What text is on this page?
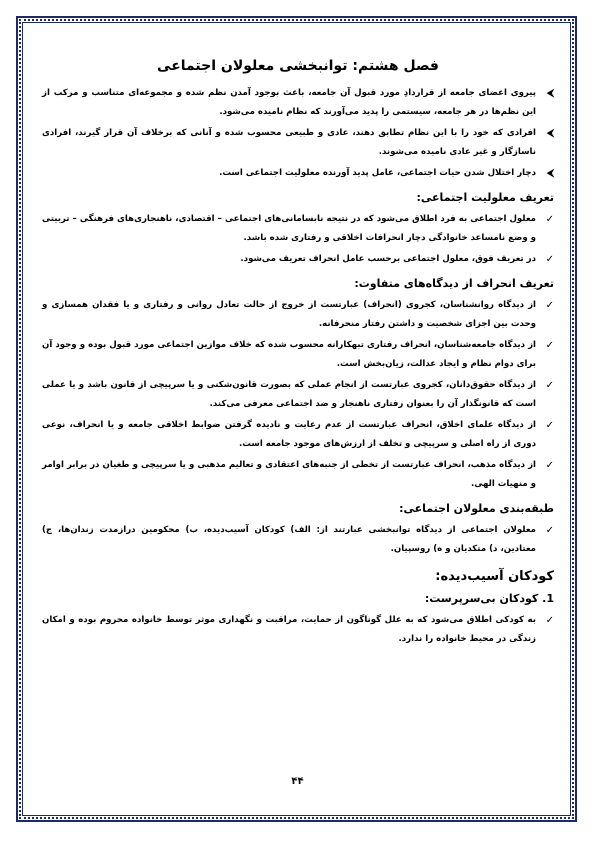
فصل هشتم: توانبخشی معلولان اجتماعی
⮜
پیروی اعضای جامعه از قراردادِ مورد قبول آن جامعه، باعث بوجود آمدن نظم شده و مجموعه‌ای متناسب و مرکب از این نظم‌ها در هر جامعه، سیستمی را پدید می‌آورند که نظام نامیده می‌شود.
⮜
افرادی که خود را با این نظام تطابق دهند، عادی و طبیعی محسوب شده و آنانی که برخلاف آن قرار گیرند، افرادی ناسازگار و غیر عادی نامیده می‌شوند.
⮜
دچار اختلال شدن حیات اجتماعی، عامل پدید آورنده معلولیت اجتماعی است.
تعریف معلولیت اجتماعی:
✓
معلول اجتماعی به فرد اطلاق می‌شود که در نتیجه نابسامانی‌های اجتماعی – اقتصادی، ناهنجاری‌های فرهنگی – تربیتی و وضع نامساعد خانوادگی دچار انحرافات اخلاقی و رفتاری شده باشد.
✓
در تعریف فوق، معلول اجتماعی برحسب عامل انحراف تعریف می‌شود.
تعریف انحراف از دیدگاه‌های متفاوت:
✓
از دیدگاه روانشناسان، کجروی (انحراف) عبارتست از خروج از حالت تعادل روانی و رفتاری و یا فقدان همسازی و وحدت بین اجزای شخصیت و داشتن رفتار منحرفانه.
✓
از دیدگاه جامعه‌شناسان، انحراف رفتاری تبهکارانه محسوب شده که خلاف موازین اجتماعی مورد قبول بوده و وجود آن برای دوام نظام و ایجاد عدالت، زیان‌بخش است.
✓
از دیدگاه حقوق‌دانان، کجروی عبارتست از انجام عملی که بصورت قانون‌شکنی و یا سرپیچی از قانون باشد و یا عملی است که قانونگذار آن را بعنوان رفتاری ناهنجار و ضد اجتماعی معرفی می‌کند.
✓
از دیدگاه علمای اخلاق، انحراف عبارتست از عدم رعایت و نادیده گرفتن ضوابط اخلاقی جامعه و یا انحراف، نوعی دوری از راه اصلی و سرپیچی و تخلف از ارزش‌های موجود جامعه است.
✓
از دیدگاه مذهب، انحراف عبارتست از تخطی از جنبه‌های اعتقادی و تعالیم مذهبی و یا سرپیچی و طغیان در برابر اوامر و منهیات الهی.
طبقه‌بندی معلولان اجتماعی:
✓
معلولان اجتماعی از دیدگاه توانبخشی عبارتند از: الف) کودکان آسیب‌دیده، ب) محکومین درازمدت زندان‌ها، ج) معتادین، د) متکدیان و ه) روسپیان.
کودکان آسیب‌دیده:
1. کودکان بی‌سرپرست:
✓
به کودکی اطلاق می‌شود که به علل گوناگون از حمایت، مراقبت و نگهداری موثر توسط خانواده محروم بوده و امکان زندگی در محیط خانواده را ندارد.
۴۴
